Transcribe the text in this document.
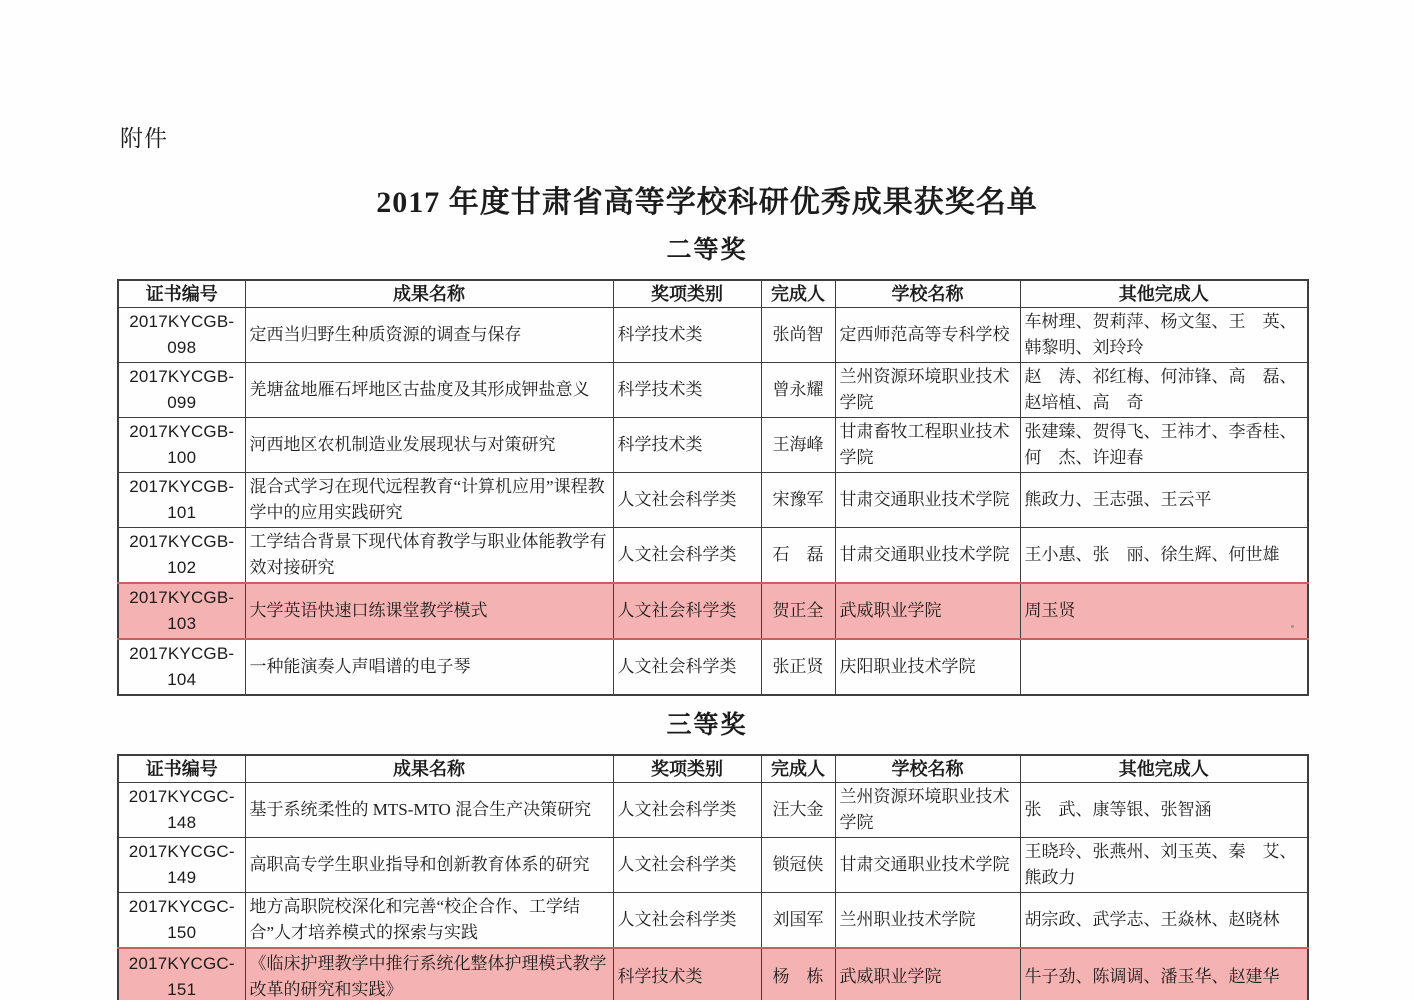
附件
2017 年度甘肃省高等学校科研优秀成果获奖名单
二等奖
证书编号	成果名称	奖项类别	完成人	学校名称	其他完成人
2017KYCGB-098	定西当归野生种质资源的调查与保存	科学技术类	张尚智	定西师范高等专科学校	车树理、贺莉萍、杨文玺、王　英、韩黎明、刘玲玲
2017KYCGB-099	羌塘盆地雁石坪地区古盐度及其形成钾盐意义	科学技术类	曾永耀	兰州资源环境职业技术学院	赵　涛、祁红梅、何沛锋、高　磊、赵培植、高　奇
2017KYCGB-100	河西地区农机制造业发展现状与对策研究	科学技术类	王海峰	甘肃畜牧工程职业技术学院	张建臻、贺得飞、王祎才、李香桂、何　杰、许迎春
2017KYCGB-101	混合式学习在现代远程教育“计算机应用”课程教学中的应用实践研究	人文社会科学类	宋豫军	甘肃交通职业技术学院	熊政力、王志强、王云平
2017KYCGB-102	工学结合背景下现代体育教学与职业体能教学有效对接研究	人文社会科学类	石　磊	甘肃交通职业技术学院	王小惠、张　丽、徐生辉、何世雄
2017KYCGB-103	大学英语快速口练课堂教学模式	人文社会科学类	贺正全	武威职业学院	周玉贤
2017KYCGB-104	一种能演奏人声唱谱的电子琴	人文社会科学类	张正贤	庆阳职业技术学院	
三等奖
证书编号	成果名称	奖项类别	完成人	学校名称	其他完成人
2017KYCGC-148	基于系统柔性的 MTS-MTO 混合生产决策研究	人文社会科学类	汪大金	兰州资源环境职业技术学院	张　武、康等银、张智涵
2017KYCGC-149	高职高专学生职业指导和创新教育体系的研究	人文社会科学类	锁冠侠	甘肃交通职业技术学院	王晓玲、张燕州、刘玉英、秦　艾、熊政力
2017KYCGC-150	地方高职院校深化和完善“校企合作、工学结合”人才培养模式的探索与实践	人文社会科学类	刘国军	兰州职业技术学院	胡宗政、武学志、王焱林、赵晓林
2017KYCGC-151	《临床护理教学中推行系统化整体护理模式教学改革的研究和实践》	科学技术类	杨　栋	武威职业学院	牛子劲、陈调调、潘玉华、赵建华
